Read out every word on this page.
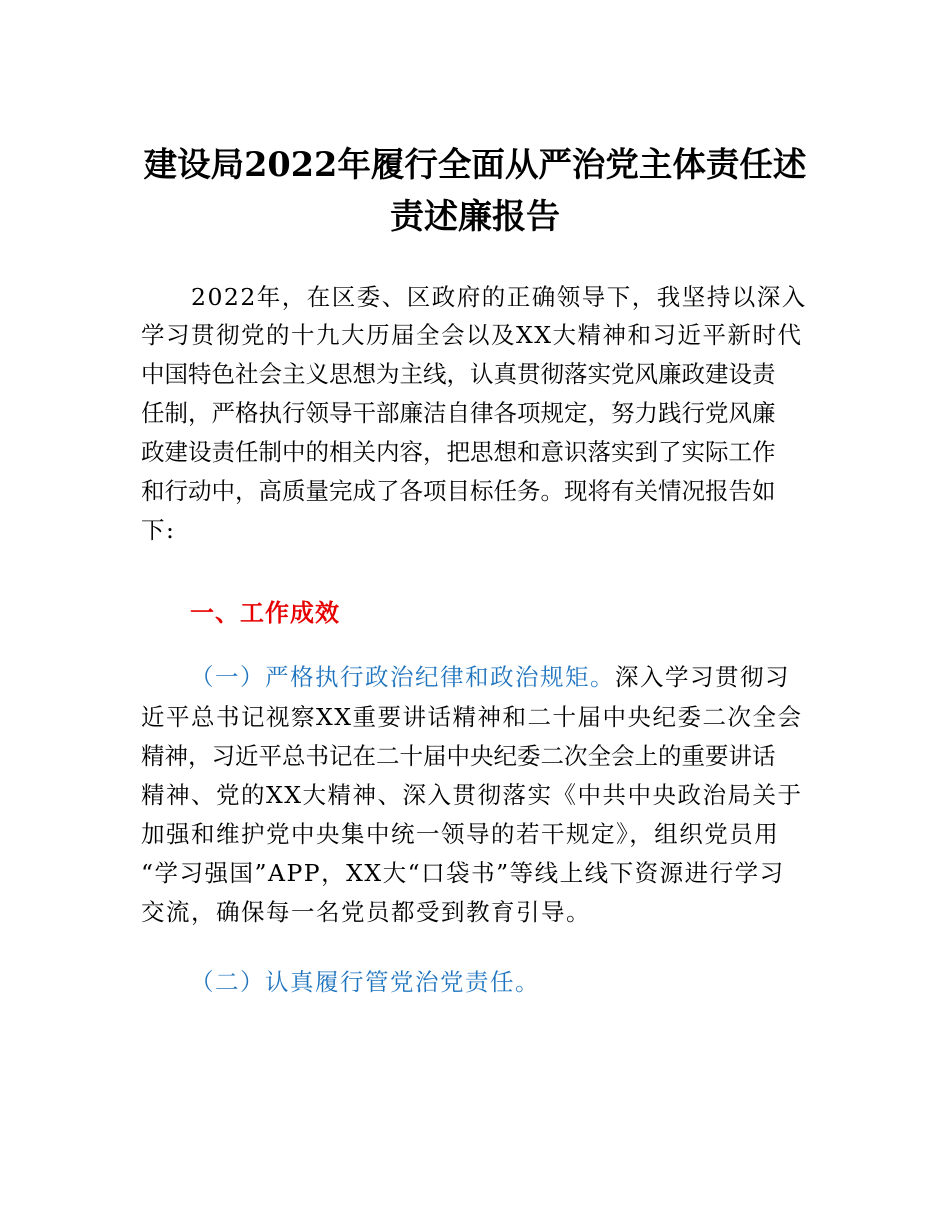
建设局2022年履行全面从严治党主体责任述
责述廉报告
　　2022年，在区委、区政府的正确领导下，我坚持以深入
学习贯彻党的十九大历届全会以及XX大精神和习近平新时代
中国特色社会主义思想为主线，认真贯彻落实党风廉政建设责
任制，严格执行领导干部廉洁自律各项规定，努力践行党风廉
政建设责任制中的相关内容，把思想和意识落实到了实际工作
和行动中，高质量完成了各项目标任务。现将有关情况报告如
下:
一、工作成效
（一）严格执行政治纪律和政治规矩。深入学习贯彻习
近平总书记视察XX重要讲话精神和二十届中央纪委二次全会
精神，习近平总书记在二十届中央纪委二次全会上的重要讲话
精神、党的XX大精神、深入贯彻落实《中共中央政治局关于
加强和维护党中央集中统一领导的若干规定》，组织党员用
“学习强国”APP，XX大“口袋书”等线上线下资源进行学习
交流，确保每一名党员都受到教育引导。
（二）认真履行管党治党责任。
